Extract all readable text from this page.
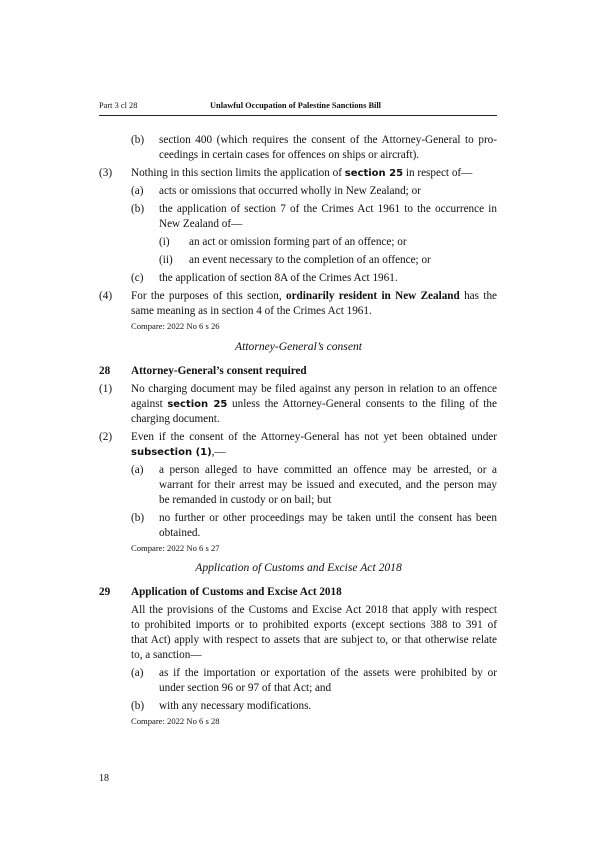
Part 3 cl 28	Unlawful Occupation of Palestine Sanctions Bill
(b) section 400 (which requires the consent of the Attorney-General to pro-
ceedings in certain cases for offences on ships or aircraft).
(3) Nothing in this section limits the application of section 25 in respect of—
(a) acts or omissions that occurred wholly in New Zealand; or
(b) the application of section 7 of the Crimes Act 1961 to the occurrence in
New Zealand of—
(i) an act or omission forming part of an offence; or
(ii) an event necessary to the completion of an offence; or
(c) the application of section 8A of the Crimes Act 1961.
(4) For the purposes of this section, ordinarily resident in New Zealand has the
same meaning as in section 4 of the Crimes Act 1961.
Compare: 2022 No 6 s 26
Attorney-General’s consent
28 Attorney-General’s consent required
(1) No charging document may be filed against any person in relation to an offence
against section 25 unless the Attorney-General consents to the filing of the
charging document.
(2) Even if the consent of the Attorney-General has not yet been obtained under
subsection (1),—
(a) a person alleged to have committed an offence may be arrested, or a
warrant for their arrest may be issued and executed, and the person may
be remanded in custody or on bail; but
(b) no further or other proceedings may be taken until the consent has been
obtained.
Compare: 2022 No 6 s 27
Application of Customs and Excise Act 2018
29 Application of Customs and Excise Act 2018
All the provisions of the Customs and Excise Act 2018 that apply with respect
to prohibited imports or to prohibited exports (except sections 388 to 391 of
that Act) apply with respect to assets that are subject to, or that otherwise relate
to, a sanction—
(a) as if the importation or exportation of the assets were prohibited by or
under section 96 or 97 of that Act; and
(b) with any necessary modifications.
Compare: 2022 No 6 s 28
18
